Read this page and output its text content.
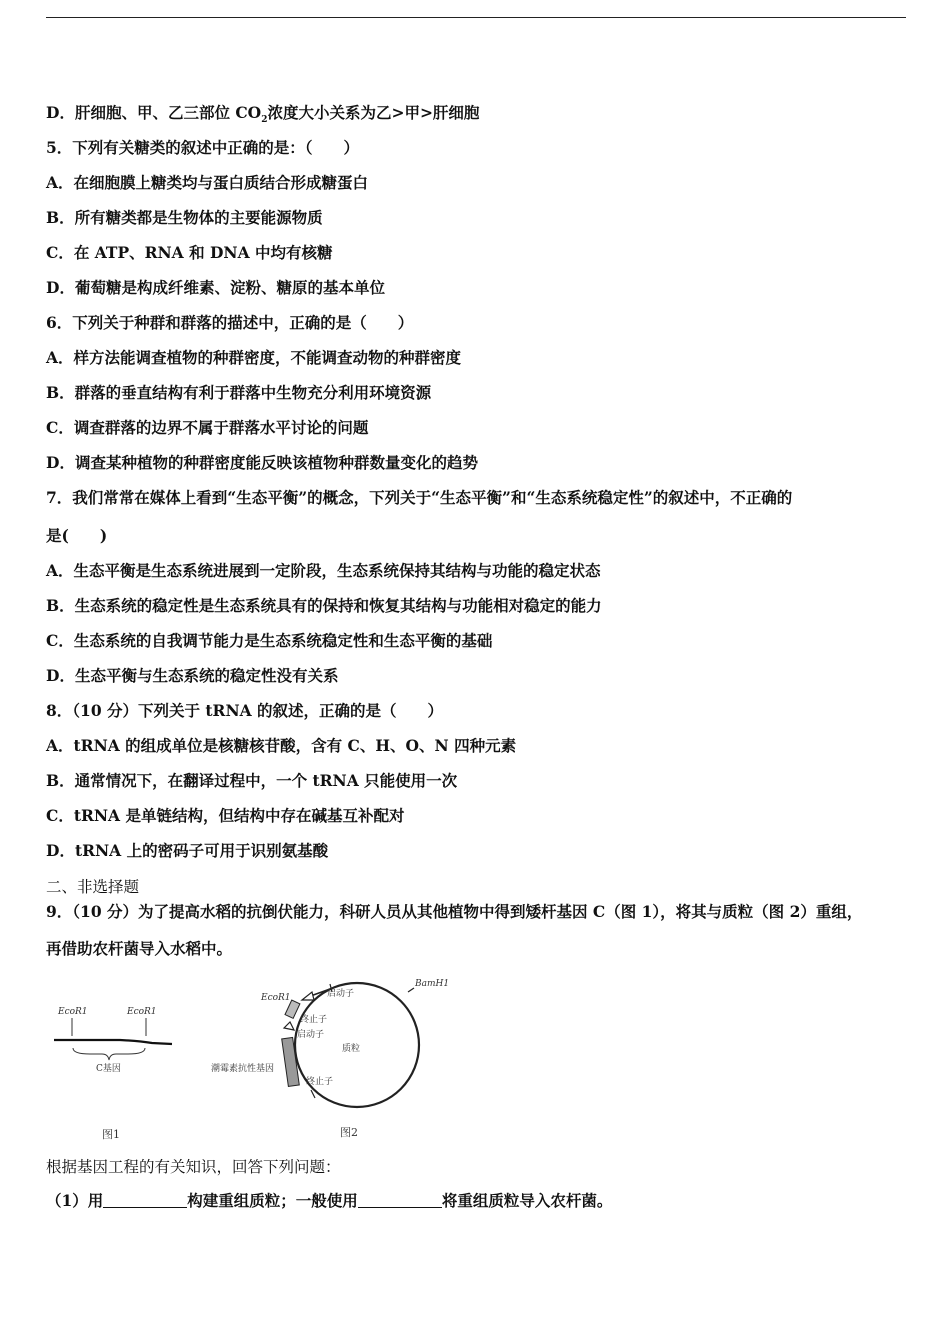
D．肝细胞、甲、乙三部位 $CO_2$浓度大小关系为乙>甲>肝细胞
5．下列有关糖类的叙述中正确的是：（　　）
A．在细胞膜上糖类均与蛋白质结合形成糖蛋白
B．所有糖类都是生物体的主要能源物质
C．在 ATP、RNA 和 DNA 中均有核糖
D．葡萄糖是构成纤维素、淀粉、糖原的基本单位
6．下列关于种群和群落的描述中，正确的是（　　）
A．样方法能调查植物的种群密度，不能调查动物的种群密度
B．群落的垂直结构有利于群落中生物充分利用环境资源
C．调查群落的边界不属于群落水平讨论的问题
D．调查某种植物的种群密度能反映该植物种群数量变化的趋势
7．我们常常在媒体上看到“生态平衡”的概念，下列关于“生态平衡”和“生态系统稳定性”的叙述中，不正确的
是(　　)
A．生态平衡是生态系统进展到一定阶段，生态系统保持其结构与功能的稳定状态
B．生态系统的稳定性是生态系统具有的保持和恢复其结构与功能相对稳定的能力
C．生态系统的自我调节能力是生态系统稳定性和生态平衡的基础
D．生态平衡与生态系统的稳定性没有关系
8．（10 分）下列关于 tRNA 的叙述，正确的是（　　）
A．tRNA 的组成单位是核糖核苷酸，含有 C、H、O、N 四种元素
B．通常情况下，在翻译过程中，一个 tRNA 只能使用一次
C．tRNA 是单链结构，但结构中存在碱基互补配对
D．tRNA 上的密码子可用于识别氨基酸
二、非选择题
9．（10 分）为了提高水稻的抗倒伏能力，科研人员从其他植物中得到矮杆基因 C（图 1），将其与质粒（图 2）重组，
再借助农杆菌导入水稻中。
EcoR1	EcoR1
C基因
图1
EcoR1
BamH1
启动子
终止子
启动子
质粒
潮霉素抗性基因
终止子
图2
根据基因工程的有关知识，回答下列问题：
（1）用	构建重组质粒；一般使用	将重组质粒导入农杆菌。
